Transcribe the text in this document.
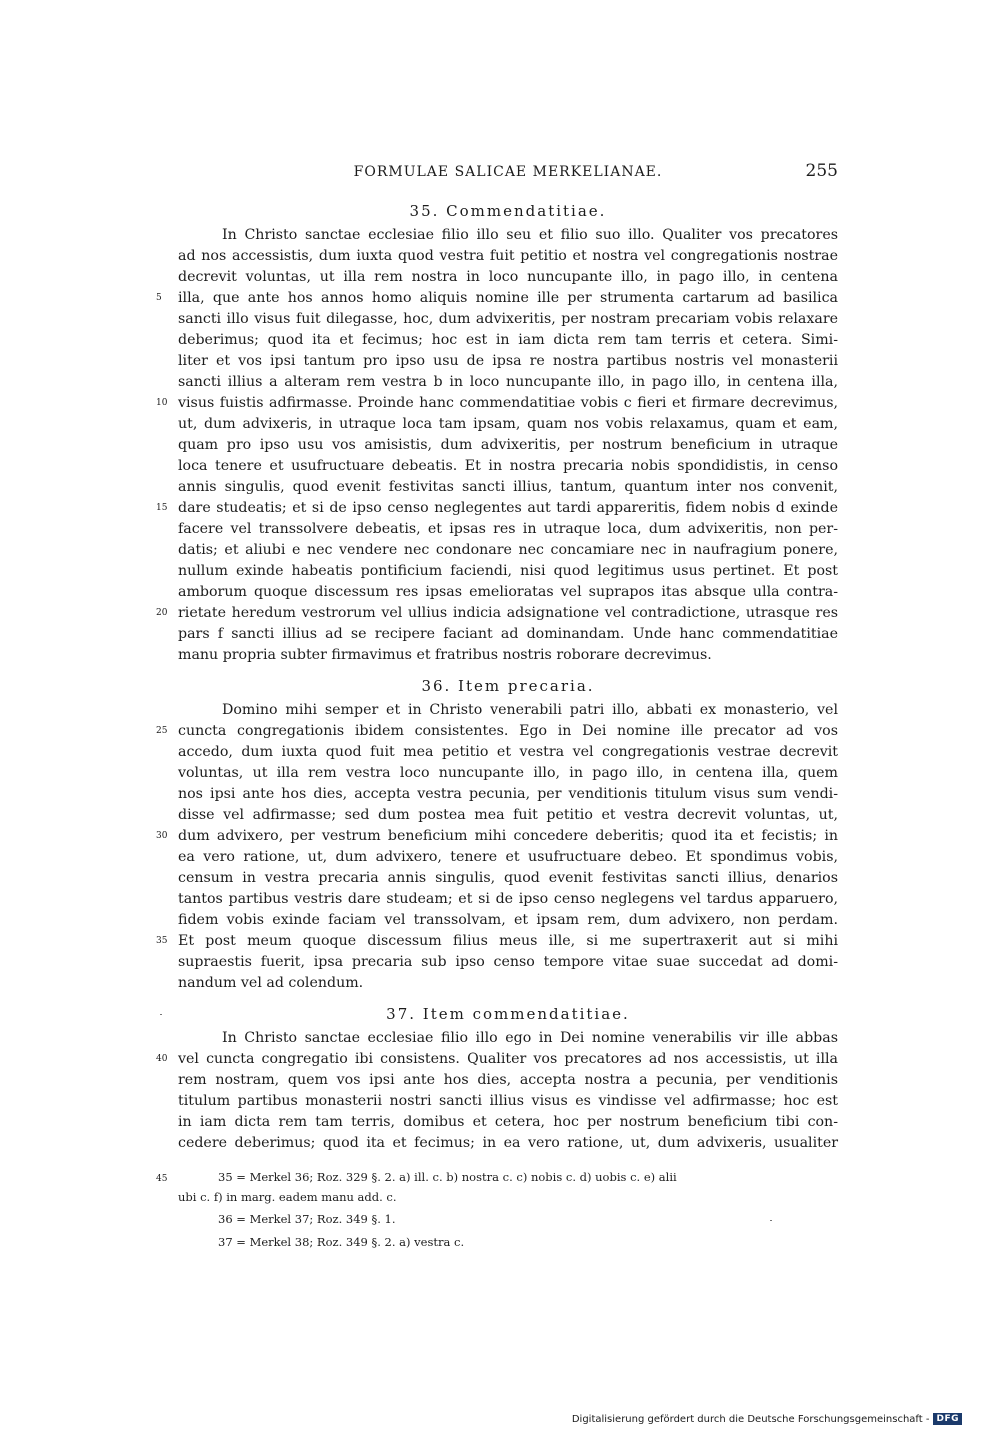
FORMULAE SALICAE MERKELIANAE.	255
35. Commendatitiae.
In Christo sanctae ecclesiae filio illo seu et filio suo illo. Qualiter vos precatores
ad nos accessistis, dum iuxta quod vestra fuit petitio et nostra vel congregationis nostrae
decrevit voluntas, ut illa rem nostra in loco nuncupante illo, in pago illo, in centena
illa, que ante hos annos homo aliquis nomine ille per strumenta cartarum ad basilica
sancti illo visus fuit dilegasse, hoc, dum advixeritis, per nostram precariam vobis relaxare
deberimus; quod ita et fecimus; hoc est in iam dicta rem tam terris et cetera. Simi-
liter et vos ipsi tantum pro ipso usu de ipsa re nostra partibus nostris vel monasterii
sancti illius a alteram rem vestra b in loco nuncupante illo, in pago illo, in centena illa,
visus fuistis adfirmasse. Proinde hanc commendatitiae vobis c fieri et firmare decrevimus,
ut, dum advixeris, in utraque loca tam ipsam, quam nos vobis relaxamus, quam et eam,
quam pro ipso usu vos amisistis, dum advixeritis, per nostrum beneficium in utraque
loca tenere et usufructuare debeatis. Et in nostra precaria nobis spondidistis, in censo
annis singulis, quod evenit festivitas sancti illius, tantum, quantum inter nos convenit,
dare studeatis; et si de ipso censo neglegentes aut tardi appareritis, fidem nobis d exinde
facere vel transsolvere debeatis, et ipsas res in utraque loca, dum advixeritis, non per-
datis; et aliubi e nec vendere nec condonare nec concamiare nec in naufragium ponere,
nullum exinde habeatis pontificium faciendi, nisi quod legitimus usus pertinet. Et post
amborum quoque discessum res ipsas emelioratas vel suprapos itas absque ulla contra-
rietate heredum vestrorum vel ullius indicia adsignatione vel contradictione, utrasque res
pars f sancti illius ad se recipere faciant ad dominandam. Unde hanc commendatitiae
manu propria subter firmavimus et fratribus nostris roborare decrevimus.
36. Item precaria.
Domino mihi semper et in Christo venerabili patri illo, abbati ex monasterio, vel
cuncta congregationis ibidem consistentes. Ego in Dei nomine ille precator ad vos
accedo, dum iuxta quod fuit mea petitio et vestra vel congregationis vestrae decrevit
voluntas, ut illa rem vestra loco nuncupante illo, in pago illo, in centena illa, quem
nos ipsi ante hos dies, accepta vestra pecunia, per venditionis titulum visus sum vendi-
disse vel adfirmasse; sed dum postea mea fuit petitio et vestra decrevit voluntas, ut,
dum advixero, per vestrum beneficium mihi concedere deberitis; quod ita et fecistis; in
ea vero ratione, ut, dum advixero, tenere et usufructuare debeo. Et spondimus vobis,
censum in vestra precaria annis singulis, quod evenit festivitas sancti illius, denarios
tantos partibus vestris dare studeam; et si de ipso censo neglegens vel tardus apparuero,
fidem vobis exinde faciam vel transsolvam, et ipsam rem, dum advixero, non perdam.
Et post meum quoque discessum filius meus ille, si me supertraxerit aut si mihi
supraestis fuerit, ipsa precaria sub ipso censo tempore vitae suae succedat ad domi-
nandum vel ad colendum.
37. Item commendatitiae.
In Christo sanctae ecclesiae filio illo ego in Dei nomine venerabilis vir ille abbas
vel cuncta congregatio ibi consistens. Qualiter vos precatores ad nos accessistis, ut illa
rem nostram, quem vos ipsi ante hos dies, accepta nostra a pecunia, per venditionis
titulum partibus monasterii nostri sancti illius visus es vindisse vel adfirmasse; hoc est
in iam dicta rem tam terris, domibus et cetera, hoc per nostrum beneficium tibi con-
cedere deberimus; quod ita et fecimus; in ea vero ratione, ut, dum advixeris, usualiter
5
10
15
20
25
30
35
40
45	35 = Merkel 36; Roz. 329 §. 2. a) ill. c. b) nostra c. c) nobis c. d) uobis c. e) alii
ubi c. f) in marg. eadem manu add. c.
36 = Merkel 37; Roz. 349 §. 1.
37 = Merkel 38; Roz. 349 §. 2. a) vestra c.
Digitalisierung gefördert durch die Deutsche Forschungsgemeinschaft - DFG
